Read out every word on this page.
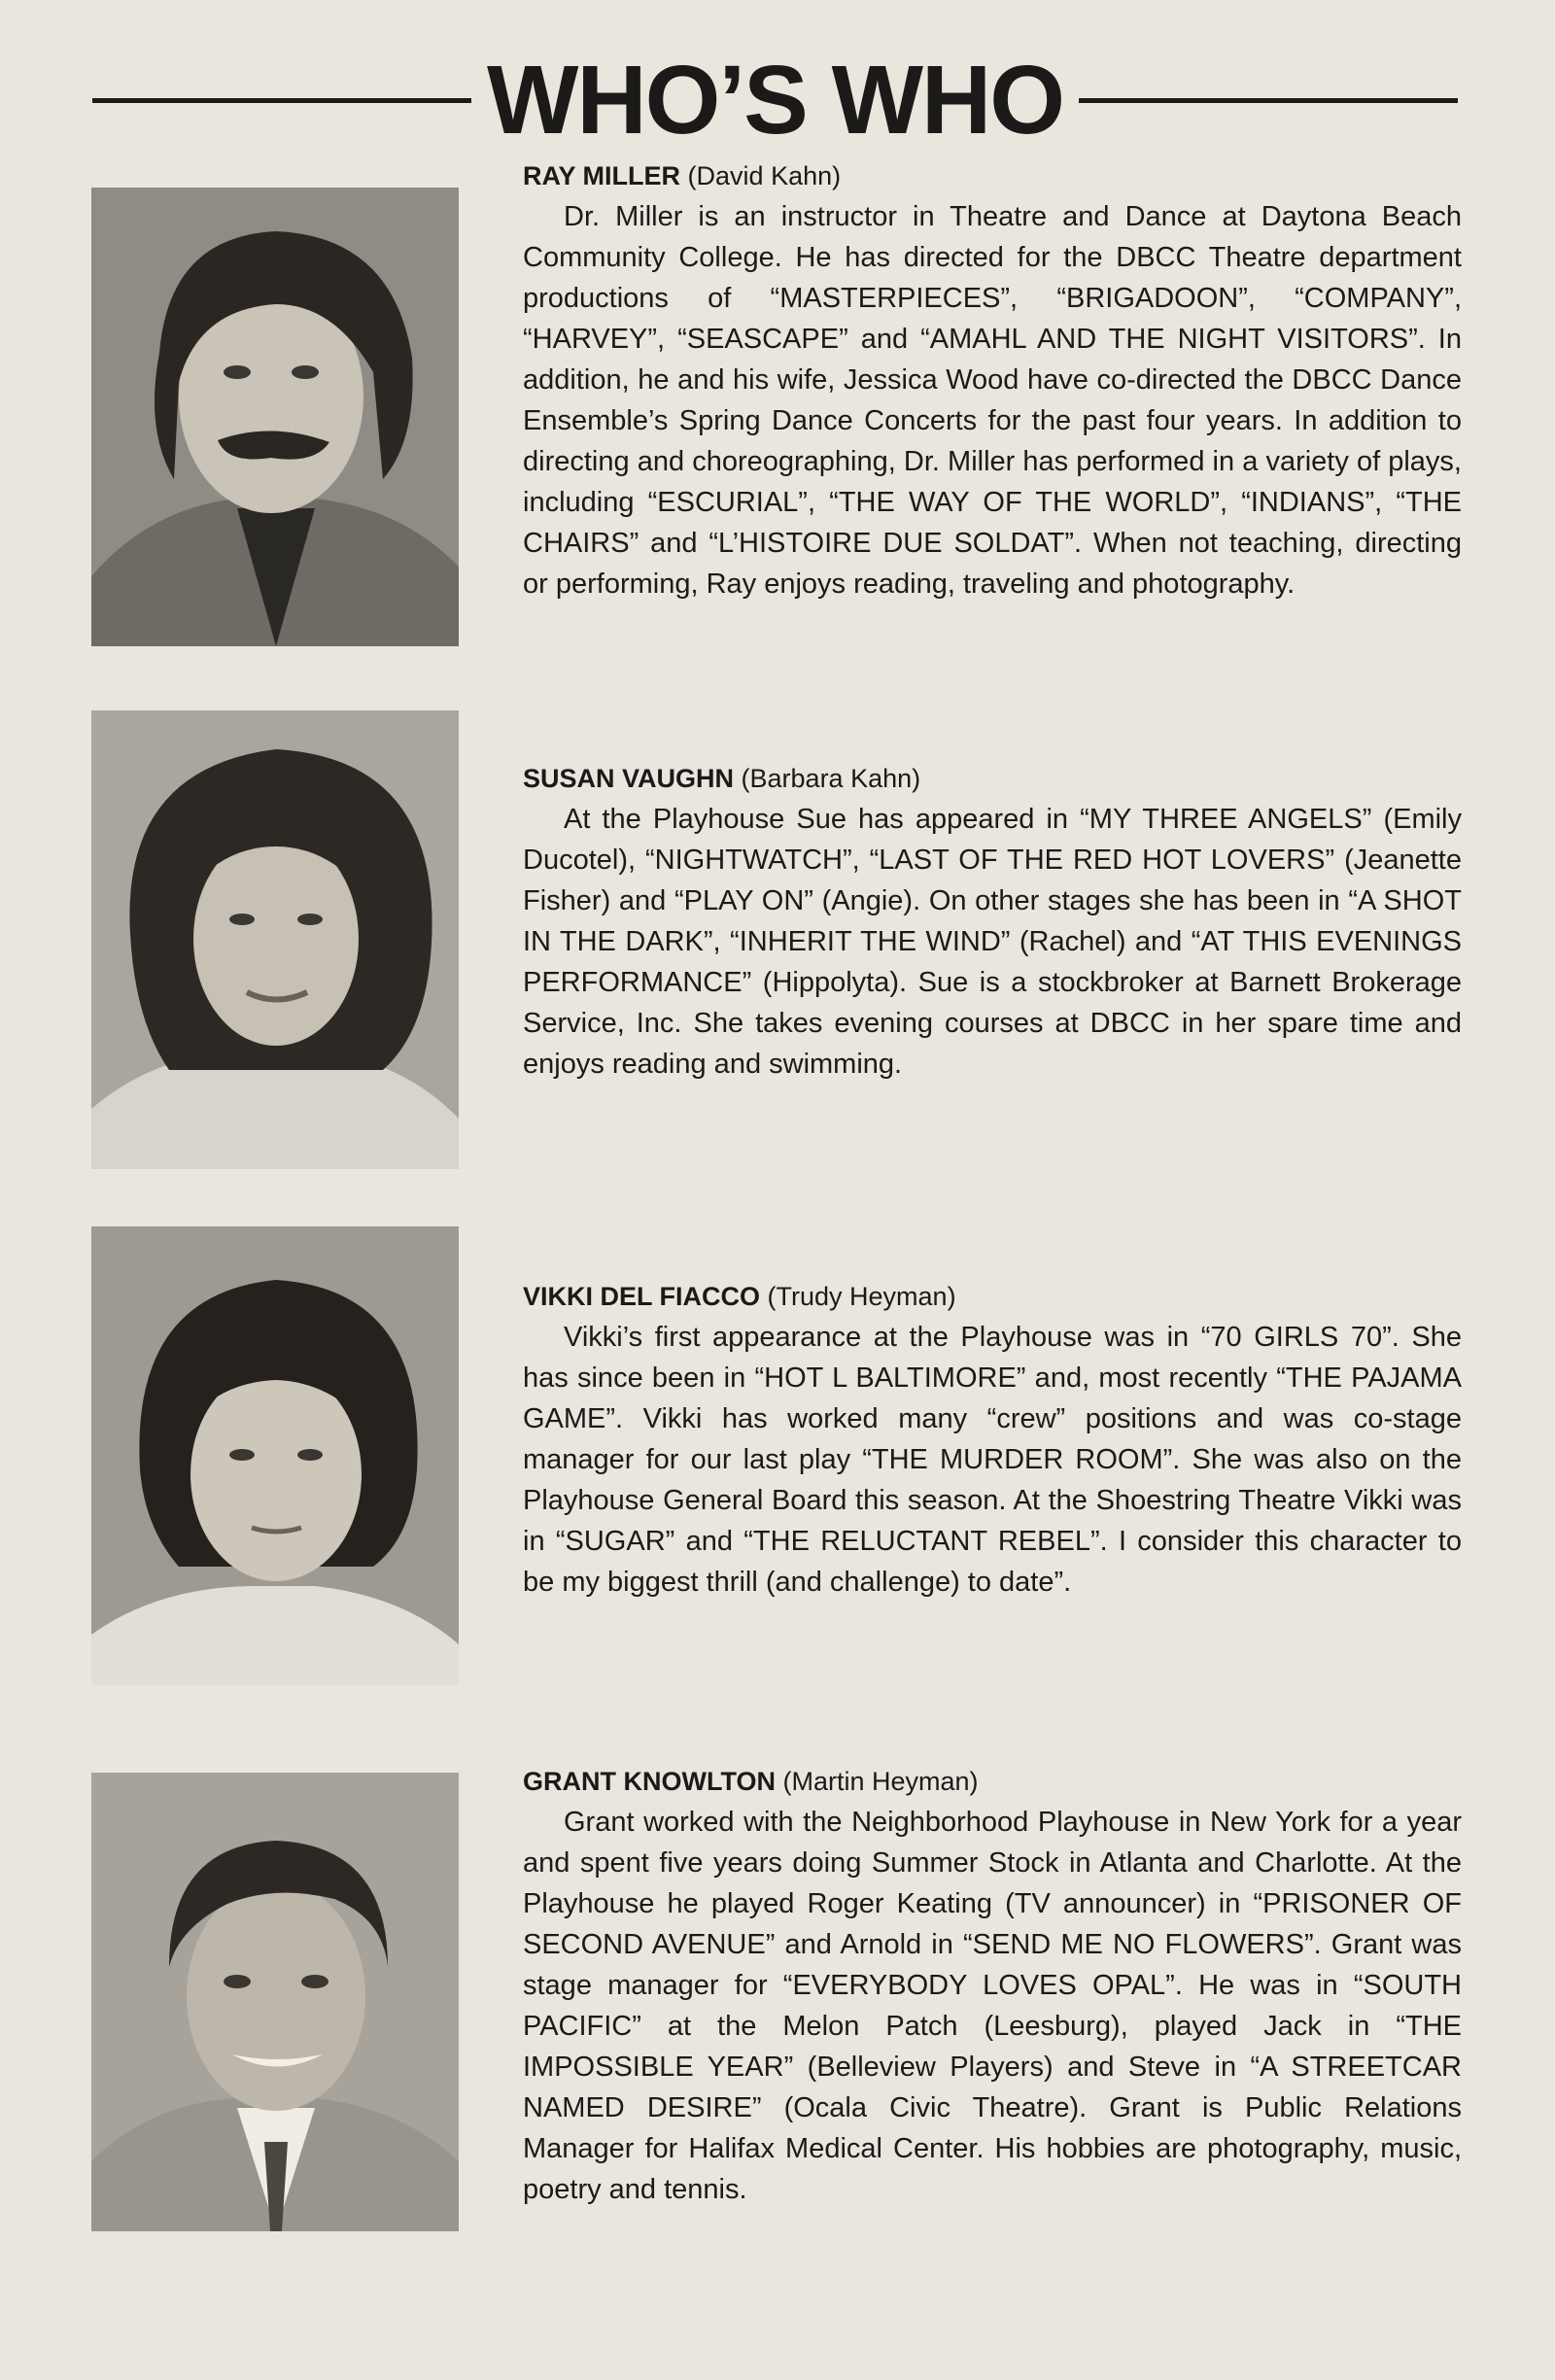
WHO’S WHO
RAY MILLER (David Kahn)

Dr. Miller is an instructor in Theatre and Dance at Daytona Beach Community College. He has directed for the DBCC Theatre department productions of “MASTERPIECES”, “BRIGADOON”, “COMPANY”, “HARVEY”, “SEASCAPE” and “AMAHL AND THE NIGHT VISITORS”. In addition, he and his wife, Jessica Wood have co-directed the DBCC Dance Ensemble’s Spring Dance Concerts for the past four years. In addition to directing and choreographing, Dr. Miller has performed in a variety of plays, including “ESCURIAL”, “THE WAY OF THE WORLD”, “INDIANS”, “THE CHAIRS” and “L’HISTOIRE DUE SOLDAT”. When not teaching, directing or performing, Ray enjoys reading, traveling and photography.

SUSAN VAUGHN (Barbara Kahn)

At the Playhouse Sue has appeared in “MY THREE ANGELS” (Emily Ducotel), “NIGHTWATCH”, “LAST OF THE RED HOT LOVERS” (Jeanette Fisher) and “PLAY ON” (Angie). On other stages she has been in “A SHOT IN THE DARK”, “INHERIT THE WIND” (Rachel) and “AT THIS EVENINGS PERFORMANCE” (Hippolyta). Sue is a stockbroker at Barnett Brokerage Service, Inc. She takes evening courses at DBCC in her spare time and enjoys reading and swimming.

VIKKI DEL FIACCO (Trudy Heyman)

Vikki’s first appearance at the Playhouse was in “70 GIRLS 70”. She has since been in “HOT L BALTIMORE” and, most recently “THE PAJAMA GAME”. Vikki has worked many “crew” positions and was co-stage manager for our last play “THE MURDER ROOM”. She was also on the Playhouse General Board this season. At the Shoestring Theatre Vikki was in “SUGAR” and “THE RELUCTANT REBEL”. I consider this character to be my biggest thrill (and challenge) to date”.

GRANT KNOWLTON (Martin Heyman)

Grant worked with the Neighborhood Playhouse in New York for a year and spent five years doing Summer Stock in Atlanta and Charlotte. At the Playhouse he played Roger Keating (TV announcer) in “PRISONER OF SECOND AVENUE” and Arnold in “SEND ME NO FLOWERS”. Grant was stage manager for “EVERYBODY LOVES OPAL”. He was in “SOUTH PACIFIC” at the Melon Patch (Leesburg), played Jack in “THE IMPOSSIBLE YEAR” (Belleview Players) and Steve in “A STREETCAR NAMED DESIRE” (Ocala Civic Theatre). Grant is Public Relations Manager for Halifax Medical Center. His hobbies are photography, music, poetry and tennis.
